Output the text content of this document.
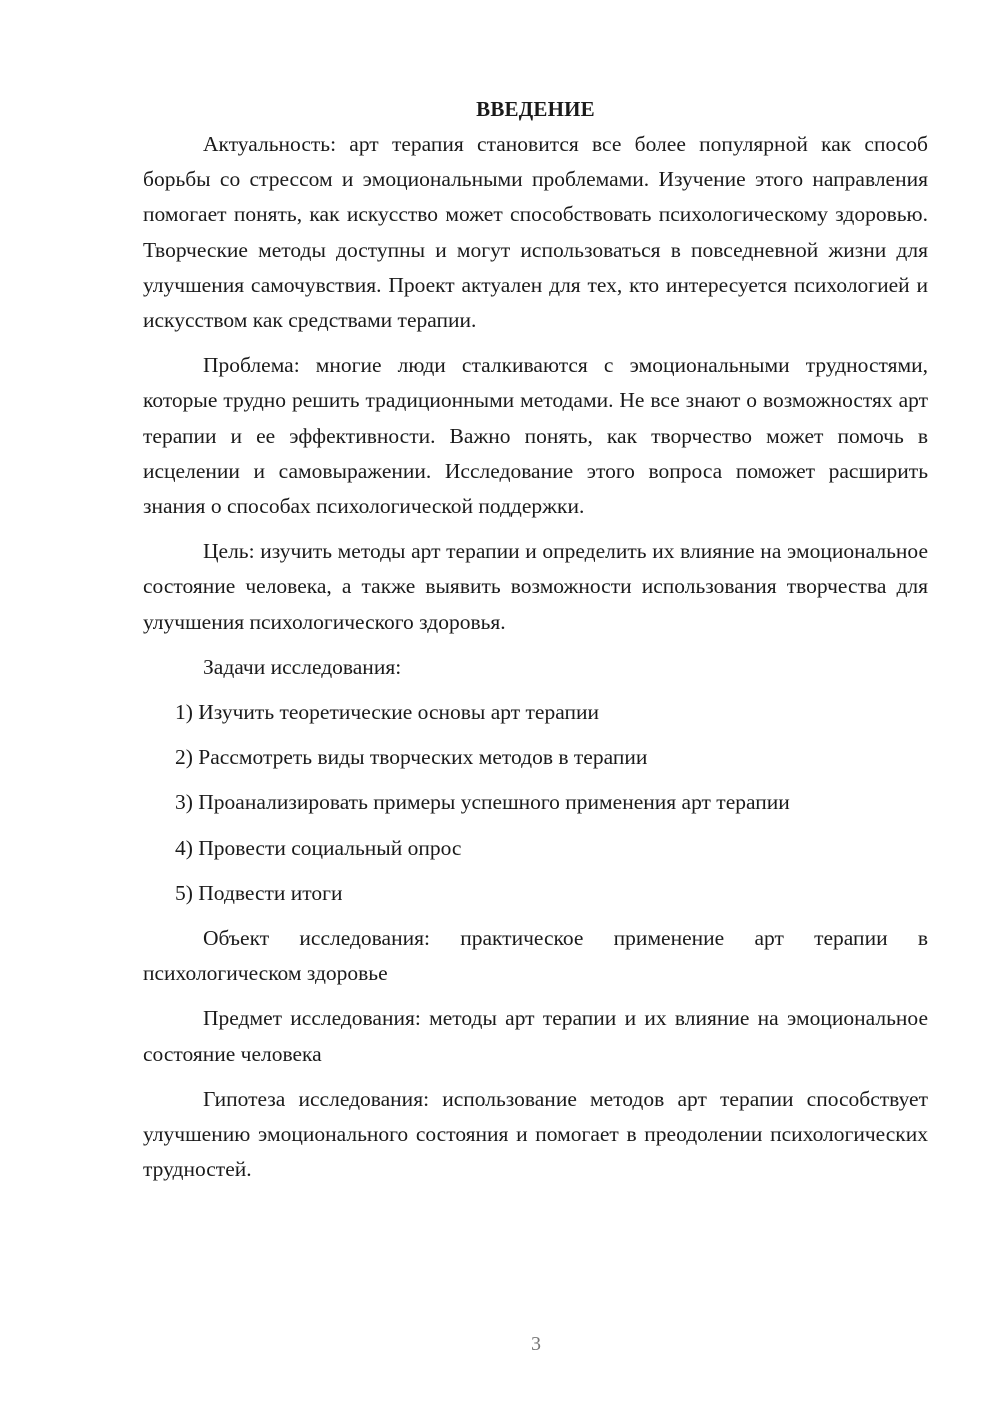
ВВЕДЕНИЕ

Актуальность: арт терапия становится все более популярной как способ борьбы со стрессом и эмоциональными проблемами. Изучение этого направления помогает понять, как искусство может способствовать психологическому здоровью. Творческие методы доступны и могут использоваться в повседневной жизни для улучшения самочувствия. Проект актуален для тех, кто интересуется психологией и искусством как средствами терапии.

Проблема: многие люди сталкиваются с эмоциональными трудностями, которые трудно решить традиционными методами. Не все знают о возможностях арт терапии и ее эффективности. Важно понять, как творчество может помочь в исцелении и самовыражении. Исследование этого вопроса поможет расширить знания о способах психологической поддержки.

Цель: изучить методы арт терапии и определить их влияние на эмоциональное состояние человека, а также выявить возможности использования творчества для улучшения психологического здоровья.

Задачи исследования:

1) Изучить теоретические основы арт терапии
2) Рассмотреть виды творческих методов в терапии
3) Проанализировать примеры успешного применения арт терапии
4) Провести социальный опрос
5) Подвести итоги

Объект исследования: практическое применение арт терапии в психологическом здоровье

Предмет исследования: методы арт терапии и их влияние на эмоциональное состояние человека

Гипотеза исследования: использование методов арт терапии способствует улучшению эмоционального состояния и помогает в преодолении психологических трудностей.

3
